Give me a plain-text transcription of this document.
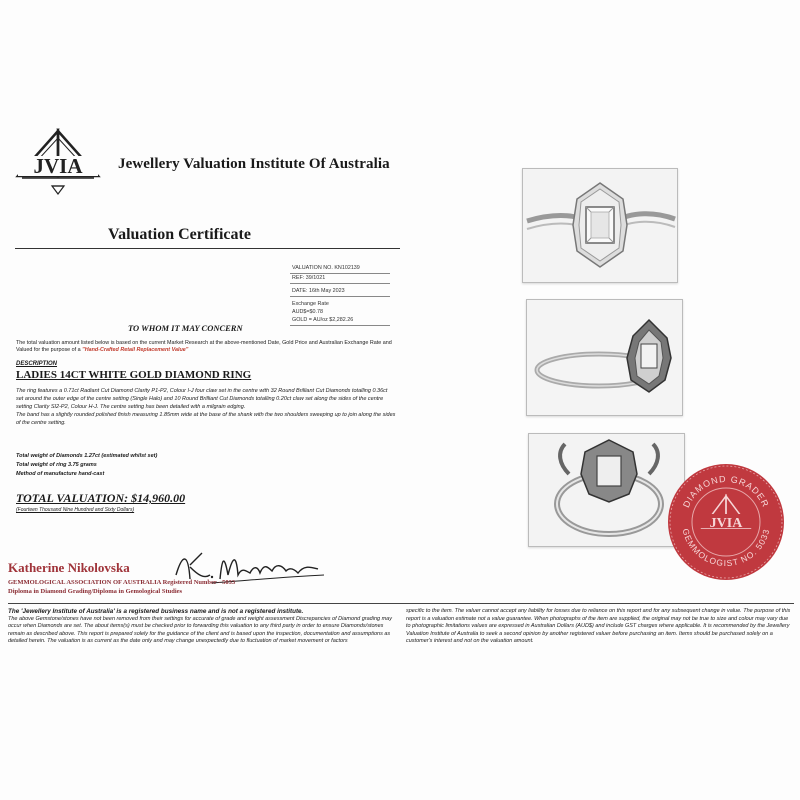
JVIA Jewellery Valuation Institute Of Australia
Valuation Certificate
VALUATION NO. KN102139
REF: 39/1021
DATE: 16th May 2023
Exchange Rate
AUD$=$0.78
GOLD = AU/oz $2,282.26
TO WHOM IT MAY CONCERN
The total valuation amount listed below is based on the current Market Research at the above-mentioned Date, Gold Price and Australian Exchange Rate and Valued for the purpose of a "Hand-Crafted Retail Replacement Value"
DESCRIPTION
LADIES 14CT WHITE GOLD DIAMOND RING
The ring features a 0.71ct Radiant Cut Diamond Clarity P1-P2, Colour I-J four claw set in the centre with 32 Round Brilliant Cut Diamonds totalling 0.36ct set around the outer edge of the centre setting (Single Halo) and 10 Round Brilliant Cut Diamonds totalling 0.20ct claw set along the sides of the centre setting Clarity SI2-P2, Colour H-J. The centre setting has been detailed with a milgrain edging.
The band has a slightly rounded polished finish measuring 1.85mm wide at the base of the shank with the two shoulders sweeping up to join along the sides of the centre setting.
Total weight of Diamonds 1.27ct (estimated whilst set)
Total weight of ring 3.75 grams
Method of manufacture hand-cast
TOTAL VALUATION: $14,960.00
(Fourteen Thousand Nine Hundred and Sixty Dollars)
Katherine Nikolovska
GEMMOLOGICAL ASSOCIATION OF AUSTRALIA Registered Number - 5033
Diploma in Diamond Grading/Diploma in Gemological Studies
The 'Jewellery Institute of Australia' is a registered business name and is not a registered institute.
The above Gemstone/stones have not been removed from their settings for accurate of grade and weight assessment Discrepancies of Diamond grading may occur when Diamonds are set. The about items(s) must be checked prior to forwarding this valuation to any third party in order to ensure Diamonds/stones remain as described above. This report is prepared solely for the guidance of the client and is based upon the inspection, documentation and assumptions as detailed herein. The valuation is as current as the date only and may change unexpectedly due to fluctuation of market movement or factors
specific to the item. The valuer cannot accept any liability for losses due to reliance on this report and for any subsequent change in value. The purpose of this report is a valuation estimate not a value guarantee. When photographs of the item are supplied, the original may not be true to size and colour may vary due to photographic limitations values are expressed in Australian Dollars (AUD$) and include GST charges where applicable. It is recommended by the Jewellery Valuation Institute of Australia to seek a second opinion by another registered valuer before purchasing an item. Items should be purchased solely on a customer's interest and not on the valuation amount.
DIAMOND GRADER
GEMMOLOGIST NO. 5033
JVIA
